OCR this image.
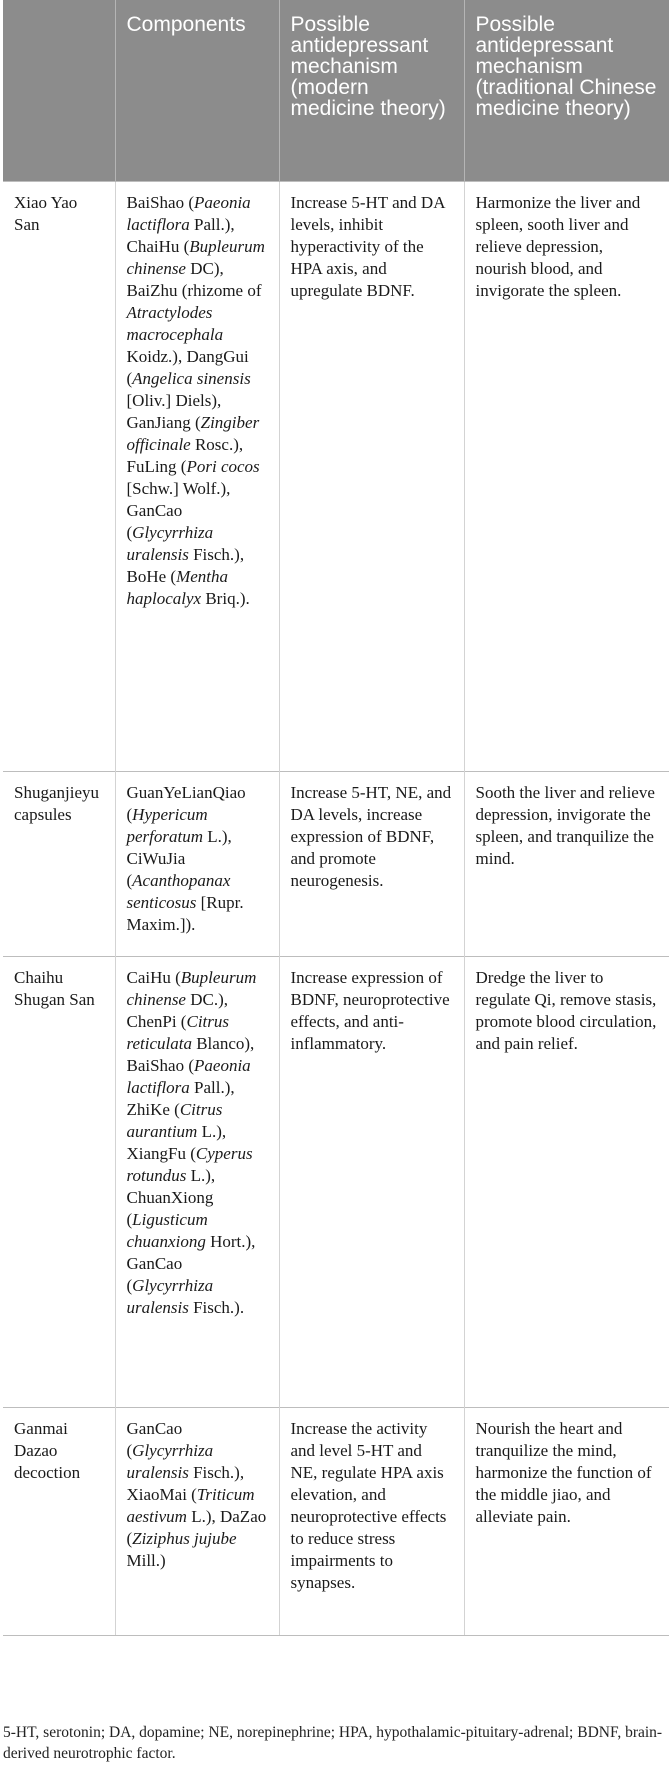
	Components	Possible antidepressant mechanism (modern medicine theory)	Possible antidepressant mechanism (traditional Chinese medicine theory)
Xiao Yao San	BaiShao (Paeonia lactiflora Pall.), ChaiHu (Bupleurum chinense DC), BaiZhu (rhizome of Atractylodes macrocephala Koidz.), DangGui (Angelica sinensis [Oliv.] Diels), GanJiang (Zingiber officinale Rosc.), FuLing (Pori cocos [Schw.] Wolf.), GanCao (Glycyrrhiza uralensis Fisch.), BoHe (Mentha haplocalyx Briq.).	Increase 5-HT and DA levels, inhibit hyperactivity of the HPA axis, and upregulate BDNF.	Harmonize the liver and spleen, sooth liver and relieve depression, nourish blood, and invigorate the spleen.
Shuganjieyu capsules	GuanYeLianQiao (Hypericum perforatum L.), CiWuJia (Acanthopanax senticosus [Rupr. Maxim.]).	Increase 5-HT, NE, and DA levels, increase expression of BDNF, and promote neurogenesis.	Sooth the liver and relieve depression, invigorate the spleen, and tranquilize the mind.
Chaihu Shugan San	CaiHu (Bupleurum chinense DC.), ChenPi (Citrus reticulata Blanco), BaiShao (Paeonia lactiflora Pall.), ZhiKe (Citrus aurantium L.), XiangFu (Cyperus rotundus L.), ChuanXiong (Ligusticum chuanxiong Hort.), GanCao (Glycyrrhiza uralensis Fisch.).	Increase expression of BDNF, neuroprotective effects, and anti-inflammatory.	Dredge the liver to regulate Qi, remove stasis, promote blood circulation, and pain relief.
Ganmai Dazao decoction	GanCao (Glycyrrhiza uralensis Fisch.), XiaoMai (Triticum aestivum L.), DaZao (Ziziphus jujube Mill.)	Increase the activity and level 5-HT and NE, regulate HPA axis elevation, and neuroprotective effects to reduce stress impairments to synapses.	Nourish the heart and tranquilize the mind, harmonize the function of the middle jiao, and alleviate pain.
5-HT, serotonin; DA, dopamine; NE, norepinephrine; HPA, hypothalamic-pituitary-adrenal; BDNF, brain-derived neurotrophic factor.
